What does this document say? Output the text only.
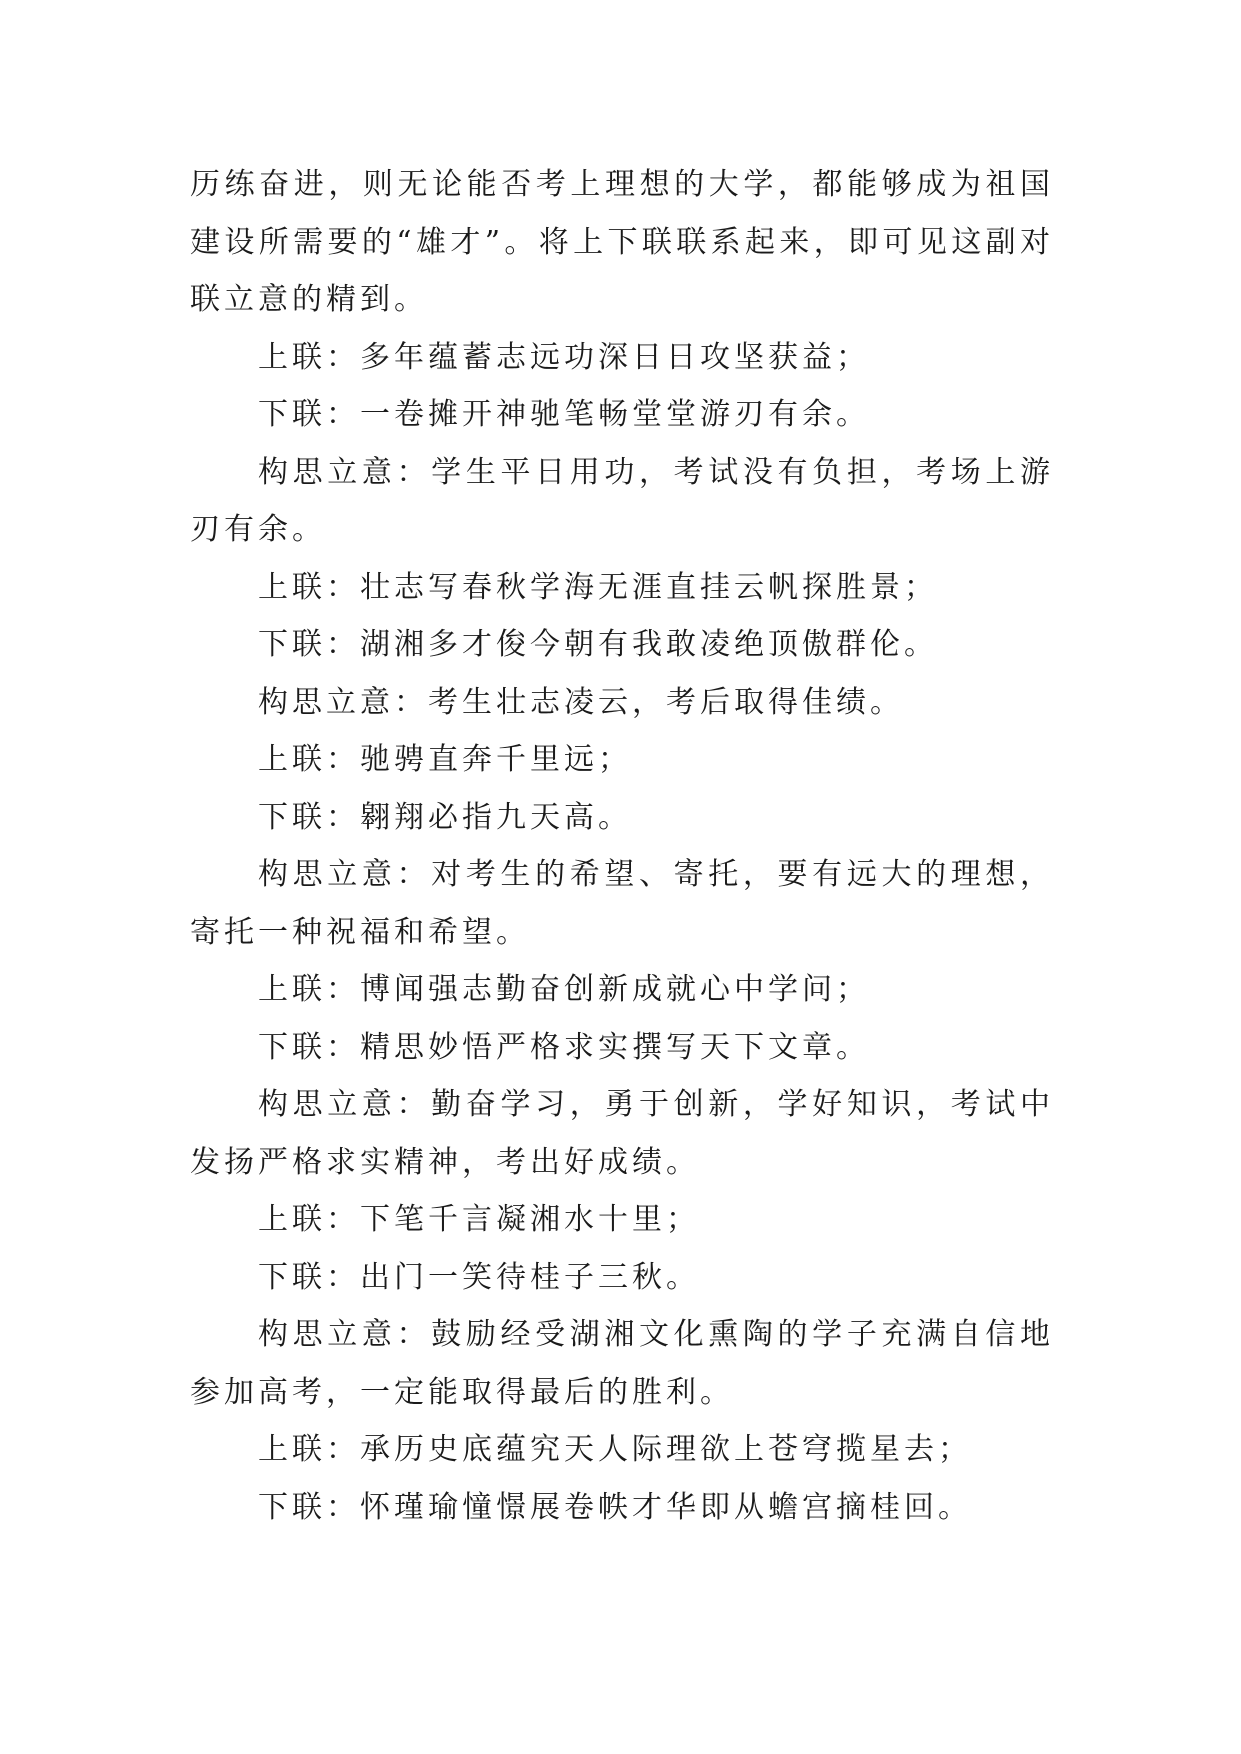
历练奋进，则无论能否考上理想的大学，都能够成为祖国建设所需要的“雄才”。将上下联联系起来，即可见这副对联立意的精到。

上联：多年蕴蓄志远功深日日攻坚获益；

下联：一卷摊开神驰笔畅堂堂游刃有余。

构思立意：学生平日用功，考试没有负担，考场上游刃有余。

上联：壮志写春秋学海无涯直挂云帆探胜景；

下联：湖湘多才俊今朝有我敢凌绝顶傲群伦。

构思立意：考生壮志凌云，考后取得佳绩。

上联：驰骋直奔千里远；

下联：翱翔必指九天高。

构思立意：对考生的希望、寄托，要有远大的理想，寄托一种祝福和希望。

上联：博闻强志勤奋创新成就心中学问；

下联：精思妙悟严格求实撰写天下文章。

构思立意：勤奋学习，勇于创新，学好知识，考试中发扬严格求实精神，考出好成绩。

上联：下笔千言凝湘水十里；

下联：出门一笑待桂子三秋。

构思立意：鼓励经受湖湘文化熏陶的学子充满自信地参加高考，一定能取得最后的胜利。

上联：承历史底蕴究天人际理欲上苍穹揽星去；

下联：怀瑾瑜憧憬展卷帙才华即从蟾宫摘桂回。
